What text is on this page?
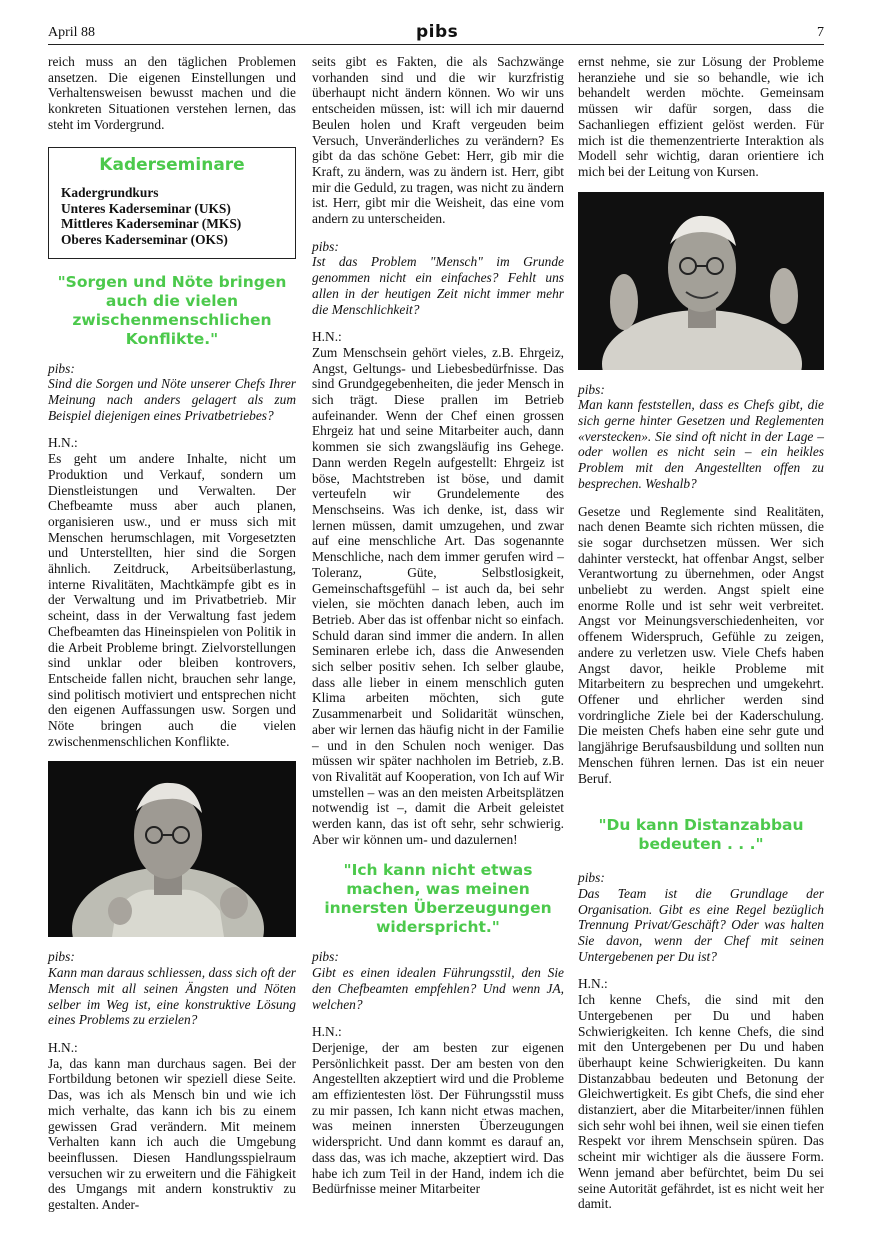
April 88	pibs	7

reich muss an den täglichen Problemen ansetzen. Die eigenen Einstellungen und Verhaltensweisen bewusst machen und die konkreten Situationen verstehen lernen, das steht im Vordergrund.

Kaderseminare
Kadergrundkurs
Unteres Kaderseminar (UKS)
Mittleres Kaderseminar (MKS)
Oberes Kaderseminar (OKS)
"Sorgen und Nöte bringen auch die vielen zwischenmenschlichen Konflikte."

pibs:

Sind die Sorgen und Nöte unserer Chefs Ihrer Meinung nach anders gelagert als zum Beispiel diejenigen eines Privatbetriebes?

H.N.:

Es geht um andere Inhalte, nicht um Produktion und Verkauf, sondern um Dienstleistungen und Verwalten. Der Chefbeamte muss aber auch planen, organisieren usw., und er muss sich mit Menschen herumschlagen, mit Vorgesetzten und Unterstellten, hier sind die Sorgen ähnlich. Zeitdruck, Arbeitsüberlastung, interne Rivalitäten, Machtkämpfe gibt es in der Verwaltung und im Privatbetrieb. Mir scheint, dass in der Verwaltung fast jedem Chefbeamten das Hineinspielen von Politik in die Arbeit Probleme bringt. Zielvorstellungen sind unklar oder bleiben kontrovers, Entscheide fallen nicht, brauchen sehr lange, sind politisch motiviert und entsprechen nicht den eigenen Auffassungen usw. Sorgen und Nöte bringen auch die vielen zwischenmenschlichen Konflikte.

pibs:

Kann man daraus schliessen, dass sich oft der Mensch mit all seinen Ängsten und Nöten selber im Weg ist, eine konstruktive Lösung eines Problems zu erzielen?

H.N.:

Ja, das kann man durchaus sagen. Bei der Fortbildung betonen wir speziell diese Seite. Das, was ich als Mensch bin und wie ich mich verhalte, das kann ich bis zu einem gewissen Grad verändern. Mit meinem Verhalten kann ich auch die Umgebung beeinflussen. Diesen Handlungsspielraum versuchen wir zu erweitern und die Fähigkeit des Umgangs mit andern konstruktiv zu gestalten. Ander-

seits gibt es Fakten, die als Sachzwänge vorhanden sind und die wir kurzfristig überhaupt nicht ändern können. Wo wir uns entscheiden müssen, ist: will ich mir dauernd Beulen holen und Kraft vergeuden beim Versuch, Unveränderliches zu verändern? Es gibt da das schöne Gebet: Herr, gib mir die Kraft, zu ändern, was zu ändern ist. Herr, gibt mir die Geduld, zu tragen, was nicht zu ändern ist. Herr, gibt mir die Weisheit, das eine vom andern zu unterscheiden.

pibs:

Ist das Problem "Mensch" im Grunde genommen nicht ein einfaches? Fehlt uns allen in der heutigen Zeit nicht immer mehr die Menschlichkeit?

H.N.:

Zum Menschsein gehört vieles, z.B. Ehrgeiz, Angst, Geltungs- und Liebesbedürfnisse. Das sind Grundgegebenheiten, die jeder Mensch in sich trägt. Diese prallen im Betrieb aufeinander. Wenn der Chef einen grossen Ehrgeiz hat und seine Mitarbeiter auch, dann kommen sie sich zwangsläufig ins Gehege. Dann werden Regeln aufgestellt: Ehrgeiz ist böse, Machtstreben ist böse, und damit verteufeln wir Grundelemente des Menschseins. Was ich denke, ist, dass wir lernen müssen, damit umzugehen, und zwar auf eine menschliche Art. Das sogenannte Menschliche, nach dem immer gerufen wird – Toleranz, Güte, Selbstlosigkeit, Gemeinschaftsgefühl – ist auch da, bei sehr vielen, sie möchten danach leben, auch im Betrieb. Aber das ist offenbar nicht so einfach. Schuld daran sind immer die andern. In allen Seminaren erlebe ich, dass die Anwesenden sich selber positiv sehen. Ich selber glaube, dass alle lieber in einem menschlich guten Klima arbeiten möchten, sich gute Zusammenarbeit und Solidarität wünschen, aber wir lernen das häufig nicht in der Familie – und in den Schulen noch weniger. Das müssen wir später nachholen im Betrieb, z.B. von Rivalität auf Kooperation, von Ich auf Wir umstellen – was an den meisten Arbeitsplätzen notwendig ist –, damit die Arbeit geleistet werden kann, das ist oft sehr, sehr schwierig. Aber wir können um- und dazulernen!

"Ich kann nicht etwas machen, was meinen innersten Überzeugungen widerspricht."

pibs:

Gibt es einen idealen Führungsstil, den Sie den Chefbeamten empfehlen? Und wenn JA, welchen?

H.N.:

Derjenige, der am besten zur eigenen Persönlichkeit passt. Der am besten von den Angestellten akzeptiert wird und die Probleme am effizientesten löst. Der Führungsstil muss zu mir passen, Ich kann nicht etwas machen, was meinen innersten Überzeugungen widerspricht. Und dann kommt es darauf an, dass das, was ich mache, akzeptiert wird. Das habe ich zum Teil in der Hand, indem ich die Bedürfnisse meiner Mitarbeiter

ernst nehme, sie zur Lösung der Probleme heranziehe und sie so behandle, wie ich behandelt werden möchte. Gemeinsam müssen wir dafür sorgen, dass die Sachanliegen effizient gelöst werden. Für mich ist die themenzentrierte Interaktion als Modell sehr wichtig, daran orientiere ich mich bei der Leitung von Kursen.

pibs:

Man kann feststellen, dass es Chefs gibt, die sich gerne hinter Gesetzen und Reglementen «verstecken». Sie sind oft nicht in der Lage – oder wollen es nicht sein – ein heikles Problem mit den Angestellten offen zu besprechen. Weshalb?

Gesetze und Reglemente sind Realitäten, nach denen Beamte sich richten müssen, die sie sogar durchsetzen müssen. Wer sich dahinter versteckt, hat offenbar Angst, selber Verantwortung zu übernehmen, oder Angst unbeliebt zu werden. Angst spielt eine enorme Rolle und ist sehr weit verbreitet. Angst vor Meinungsverschiedenheiten, vor offenem Widerspruch, Gefühle zu zeigen, andere zu verletzen usw. Viele Chefs haben Angst davor, heikle Probleme mit Mitarbeitern zu besprechen und umgekehrt. Offener und ehrlicher werden sind vordringliche Ziele bei der Kaderschulung. Die meisten Chefs haben eine sehr gute und langjährige Berufsausbildung und sollten nun Menschen führen lernen. Das ist ein neuer Beruf.

"Du kann Distanzabbau bedeuten . . ."

pibs:

Das Team ist die Grundlage der Organisation. Gibt es eine Regel bezüglich Trennung Privat/Geschäft? Oder was halten Sie davon, wenn der Chef mit seinen Untergebenen per Du ist?

H.N.:

Ich kenne Chefs, die sind mit den Untergebenen per Du und haben Schwierigkeiten. Ich kenne Chefs, die sind mit den Untergebenen per Du und haben überhaupt keine Schwierigkeiten. Du kann Distanzabbau bedeuten und Betonung der Gleichwertigkeit. Es gibt Chefs, die sind eher distanziert, aber die Mitarbeiter/innen fühlen sich sehr wohl bei ihnen, weil sie einen tiefen Respekt vor ihrem Menschsein spüren. Das scheint mir wichtiger als die äussere Form. Wenn jemand aber befürchtet, beim Du sei seine Autorität gefährdet, ist es nicht weit her damit.
